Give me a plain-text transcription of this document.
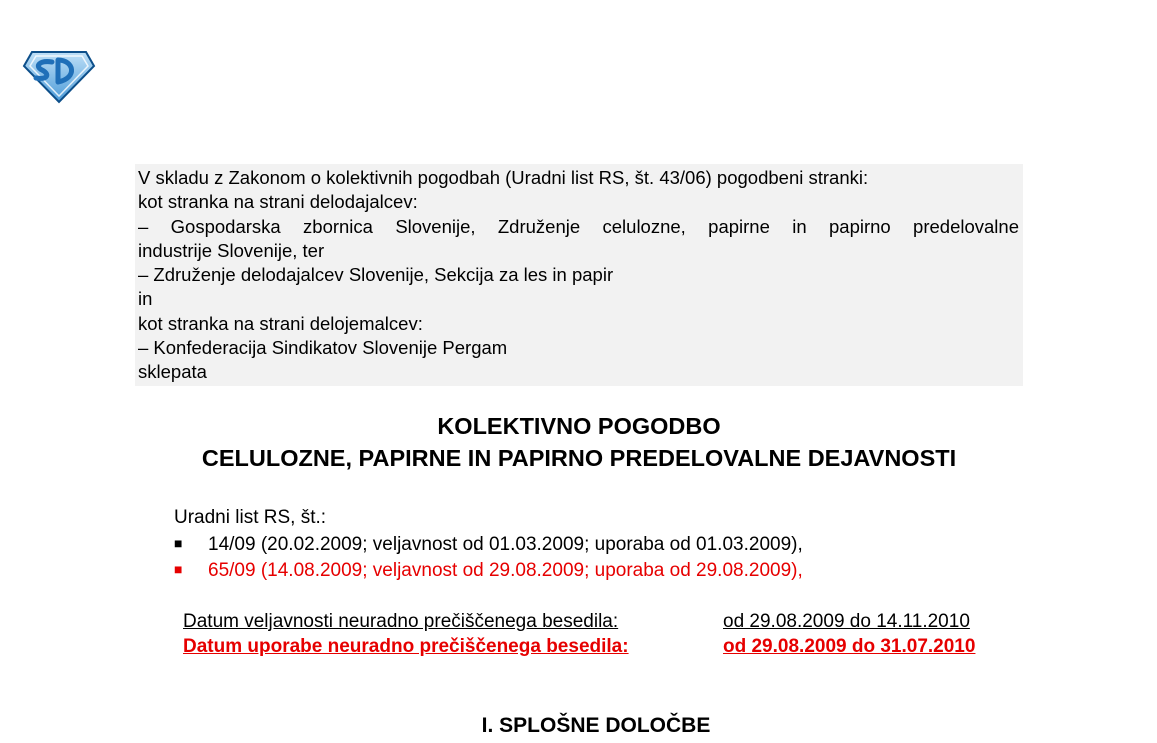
V skladu z Zakonom o kolektivnih pogodbah (Uradni list RS, št. 43/06) pogodbeni stranki:
kot stranka na strani delodajalcev:
– Gospodarska zbornica Slovenije, Združenje celulozne, papirne in papirno predelovalne
industrije Slovenije, ter
– Združenje delodajalcev Slovenije, Sekcija za les in papir
in
kot stranka na strani delojemalcev:
– Konfederacija Sindikatov Slovenije Pergam
sklepata
KOLEKTIVNO POGODBO
CELULOZNE, PAPIRNE IN PAPIRNO PREDELOVALNE DEJAVNOSTI
Uradni list RS, št.:
■ 14/09 (20.02.2009; veljavnost od 01.03.2009; uporaba od 01.03.2009),
■ 65/09 (14.08.2009; veljavnost od 29.08.2009; uporaba od 29.08.2009),
Datum veljavnosti neuradno prečiščenega besedila:	od 29.08.2009 do 14.11.2010
Datum uporabe neuradno prečiščenega besedila:	od 29.08.2009 do 31.07.2010
I. SPLOŠNE DOLOČBE
